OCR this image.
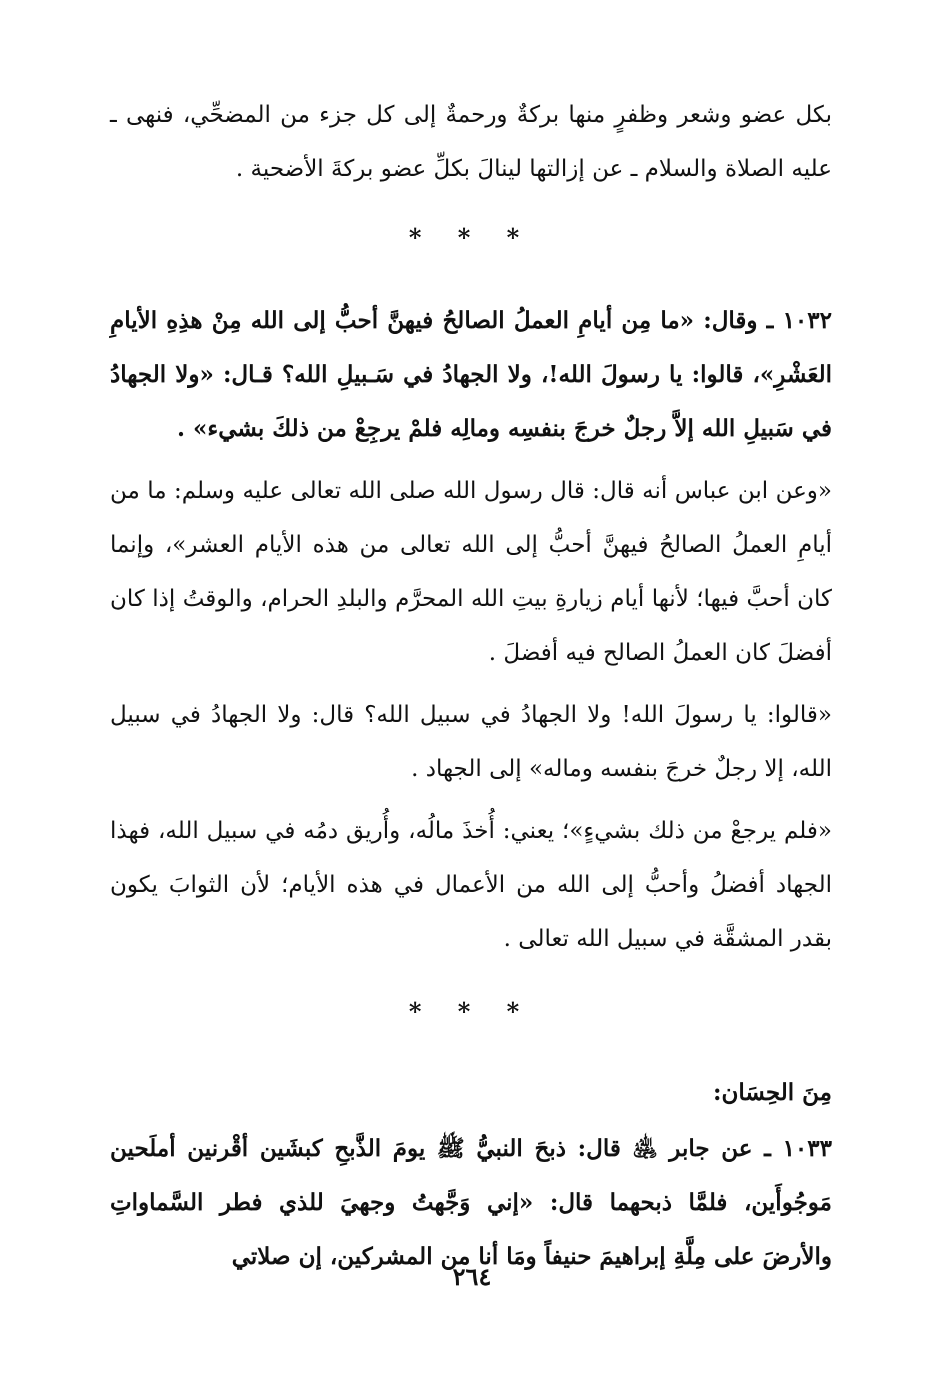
بكل عضو وشعر وظفرٍ منها بركةٌ ورحمةٌ إلى كل جزء من المضحِّي، فنهى ـ عليه الصلاة والسلام ـ عن إزالتها لينالَ بكلِّ عضو بركةَ الأضحية .

* * *

١٠٣٢ ـ وقال: «ما مِن أيامِ العملُ الصالحُ فيهنَّ أحبُّ إلى الله مِنْ هذِهِ الأيامِ العَشْرِ»، قالوا: يا رسولَ الله!، ولا الجهادُ في سَـبيلِ الله؟ قـال: «ولا الجهادُ في سَبيلِ الله إلاَّ رجلٌ خرجَ بنفسِه ومالِه فلمْ يرجِعْ من ذلكَ بشيء» .

«وعن ابن عباس أنه قال: قال رسول الله صلى الله تعالى عليه وسلم: ما من أيامِ العملُ الصالحُ فيهنَّ أحبُّ إلى الله تعالى من هذه الأيام العشر»، وإنما كان أحبَّ فيها؛ لأنها أيام زيارةِ بيتِ الله المحرَّم والبلدِ الحرام، والوقتُ إذا كان أفضلَ كان العملُ الصالح فيه أفضلَ .

«قالوا: يا رسولَ الله! ولا الجهادُ في سبيل الله؟ قال: ولا الجهادُ في سبيل الله، إلا رجلٌ خرجَ بنفسه وماله» إلى الجهاد .

«فلم يرجعْ من ذلك بشيءٍ»؛ يعني: أُخذَ مالُه، وأُريق دمُه في سبيل الله، فهذا الجهاد أفضلُ وأحبُّ إلى الله من الأعمال في هذه الأيام؛ لأن الثوابَ يكون بقدر المشقَّة في سبيل الله تعالى .

* * *
مِنَ الحِسَان:

١٠٣٣ ـ عن جابر ﵁ قال: ذبحَ النبيُّ ﷺ يومَ الذَّبحِ كبشَين أقْرنين أملَحين مَوجُوأَين، فلمَّا ذبحهما قال: «إني وَجَّهتُ وجهيَ للذي فطر السَّماواتِ والأرضَ على مِلَّةِ إبراهيمَ حنيفاً ومَا أنا من المشركين، إن صلاتي

٢٦٤
